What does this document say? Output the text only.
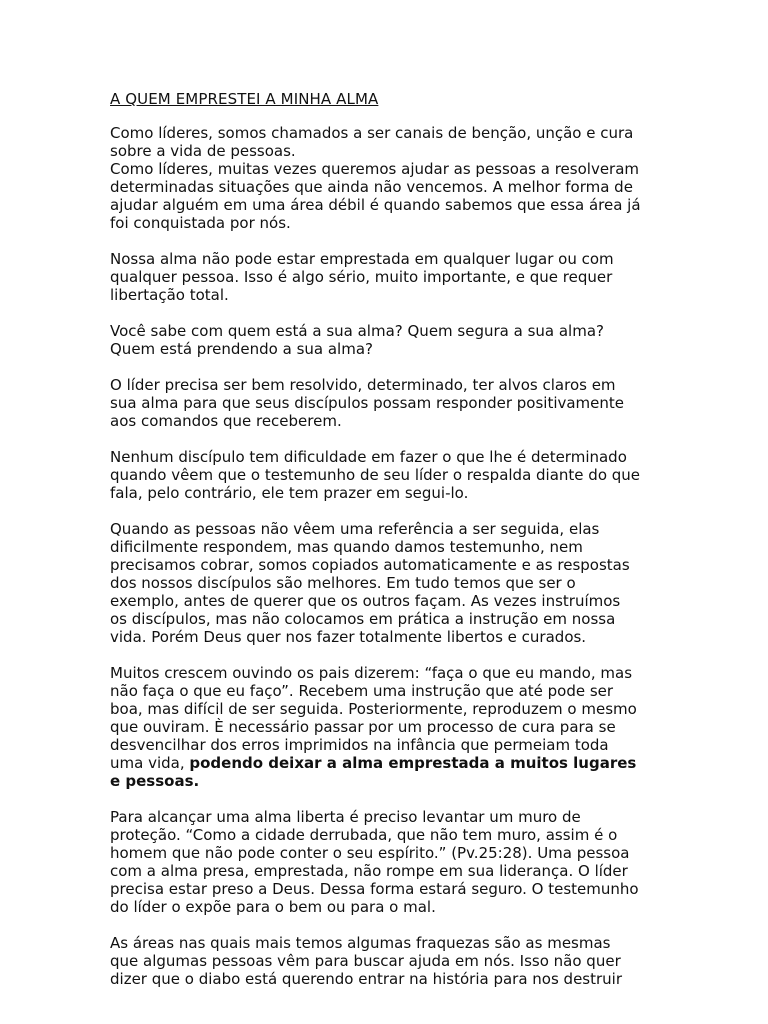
A QUEM EMPRESTEI A MINHA ALMA
Como líderes, somos chamados a ser canais de benção, unção e cura
sobre a vida de pessoas.
Como líderes, muitas vezes queremos ajudar as pessoas a resolveram
determinadas situações que ainda não vencemos. A melhor forma de
ajudar alguém em uma área débil é quando sabemos que essa área já
foi conquistada por nós.
Nossa alma não pode estar emprestada em qualquer lugar ou com
qualquer pessoa. Isso é algo sério, muito importante, e que requer
libertação total.
Você sabe com quem está a sua alma? Quem segura a sua alma?
Quem está prendendo a sua alma?
O líder precisa ser bem resolvido, determinado, ter alvos claros em
sua alma para que seus discípulos possam responder positivamente
aos comandos que receberem.
Nenhum discípulo tem dificuldade em fazer o que lhe é determinado
quando vêem que o testemunho de seu líder o respalda diante do que
fala, pelo contrário, ele tem prazer em segui-lo.
Quando as pessoas não vêem uma referência a ser seguida, elas
dificilmente respondem, mas quando damos testemunho, nem
precisamos cobrar, somos copiados automaticamente e as respostas
dos nossos discípulos são melhores. Em tudo temos que ser o
exemplo, antes de querer que os outros façam. As vezes instruímos
os discípulos, mas não colocamos em prática a instrução em nossa
vida. Porém Deus quer nos fazer totalmente libertos e curados.
Muitos crescem ouvindo os pais dizerem: “faça o que eu mando, mas
não faça o que eu faço”. Recebem uma instrução que até pode ser
boa, mas difícil de ser seguida. Posteriormente, reproduzem o mesmo
que ouviram. È necessário passar por um processo de cura para se
desvencilhar dos erros imprimidos na infância que permeiam toda
uma vida, podendo deixar a alma emprestada a muitos lugares
e pessoas.
Para alcançar uma alma liberta é preciso levantar um muro de
proteção. “Como a cidade derrubada, que não tem muro, assim é o
homem que não pode conter o seu espírito.” (Pv.25:28). Uma pessoa
com a alma presa, emprestada, não rompe em sua liderança. O líder
precisa estar preso a Deus. Dessa forma estará seguro. O testemunho
do líder o expõe para o bem ou para o mal.
As áreas nas quais mais temos algumas fraquezas são as mesmas
que algumas pessoas vêm para buscar ajuda em nós. Isso não quer
dizer que o diabo está querendo entrar na história para nos destruir
